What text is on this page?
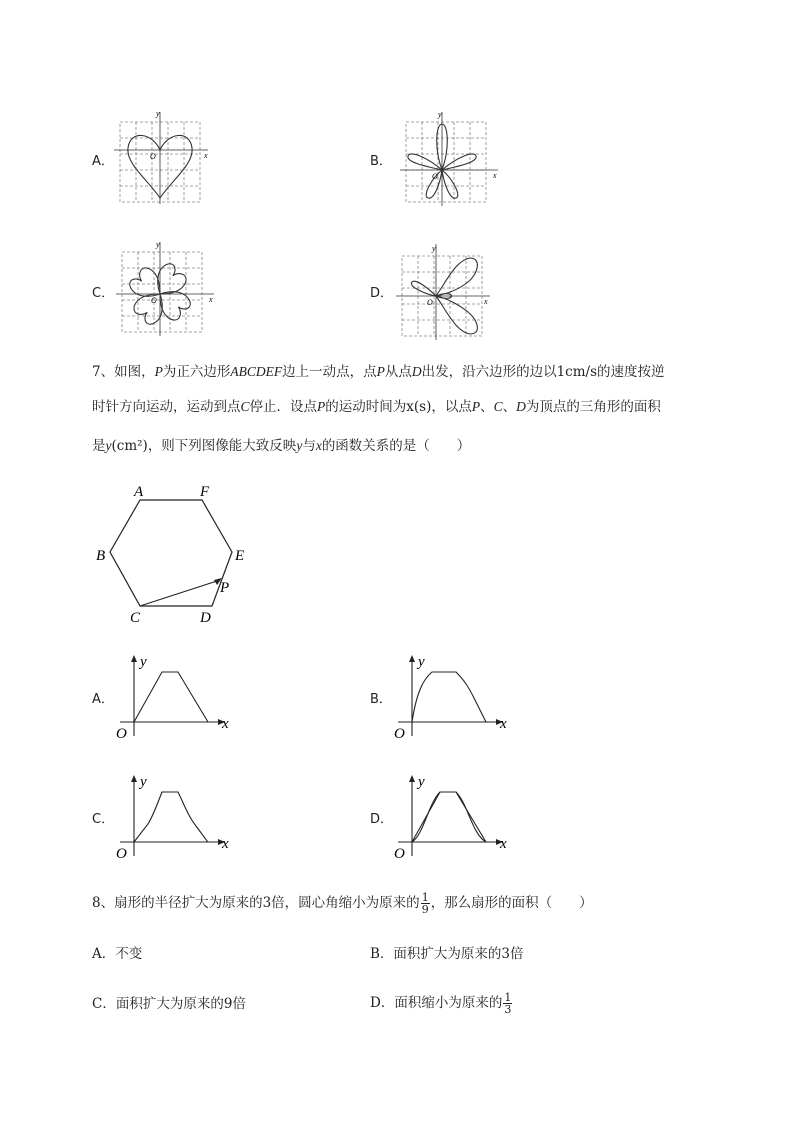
A．	B．
C．	D．
y
x
O
y
x
O
y
x
O
y
x
O
7、如图，P为正六边形ABCDEF边上一动点，点P从点D出发，沿六边形的边以1cm/s的速度按逆
时针方向运动，运动到点C停止．设点P的运动时间为x(s)，以点P、C、D为顶点的三角形的面积
是y(cm²)，则下列图像能大致反映y与x的函数关系的是（　　）
A	F
B	E
C	D
P
A．	B．
C．	D．
y
x
O
y
x
O
y
x
O
y
x
O
8、扇形的半径扩大为原来的3倍，圆心角缩小为原来的 $\frac{1}{9}$ ，那么扇形的面积（　　）
A．不变	B．面积扩大为原来的3倍
C．面积扩大为原来的9倍	D．面积缩小为原来的 $\frac{1}{3}$
